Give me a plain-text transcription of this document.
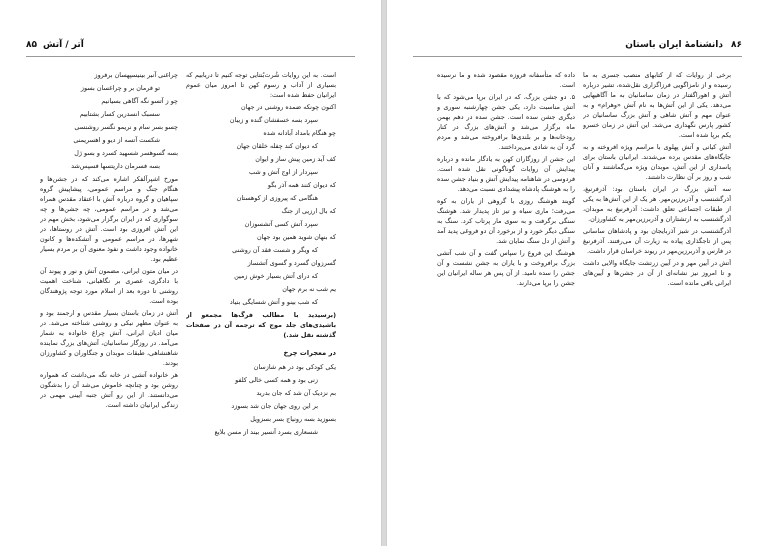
۸۵ آتر / آتش

است. به این روایات شُرت‌بُنتایی توجه کنیم تا دریابیم که بسیاری از آداب و رسوم کهن تا امروز میان عموم ایرانیان حفظ شده است:

اکنون چونکه ضمده روشنی در جهان

سپرد بسه خسفشان گنده و زیبان

چو هنگام بامداد آبادانه شده

که دیوان کند چفله خلقان جهان

کف آید زمین پیش ساز و ایوان

سپردار از اوج آتش و شب

که دیوان کنند همه آذر بگو

هنگامی که پیروزی از کوهستان

که بال ارزیی از جنگ

سپرد آتش کسی آتشسوزان

که بنهان شوید همین بود جهان

که ویگر و شست فقد آن روشنی

گسرزوان گسرد و گسوی آتشساز

که درای آتش بسیار خوش زمین

یم شب نه برم جهان

که شب بینو و آتش شسایگی بنیاد

(برسیدید با مطالب فرگ‌ها مجمعو از باشیدی‌های جلد موج که ترجمه آن در صفحات گذشته نقل شد.)

در معجرات چرخ

یکی کودکی بود در هم شازسان

زنی بود و همه کسی خالی کلفو

بم نزدیک آن شد که جان بدرید

بر این روی جهان جان شد بسوزد

بسوزید بسه رونیاج بسر بسزویل

شسعاری بسرد آنسیر بیند از مسن بلایع

چراغنی آنبر بینیسپهسان برفروز

تو فرمان بر و چراغسان بسوز

چو ز آتسو نگه آگاهی بسیانیم

سسبک انسدرین کسار بشتابیم

چسو بسر سام و نریمو نگسر روشنسی

شکست آتسه از دیو و اهسریمنی

بسه گسوهسر شسهید کسرد و بسو ژل

بسه فسرمان داریتسها فسپس‌شد

مورخ اشپرآلفکر اشاره می‌کند که در جشن‌ها و هنگام جنگ و مراسم عمومی، پیشاپیش گروه سپاهیان و گروه درباره آتش با اعتقاد مقدس همراه می‌شد و در مراسم عمومی، چه جشن‌ها و چه سوگواری که در ایران برگزار می‌شود، بخش مهم در این آتش افروزی بود است. آتش در روستاها، در شهرها، در مراسم عمومی و آتشکده‌ها و کانون خانواده وجود داشت و نفوذ معنوی آن بر مردم بسیار عظیم بود.

در میان متون ایرانی، مضمون آتش و نور و پیوند آن با دادگری، عصری بر نگاهبانی، شناخت اهمیت روشنی تا دوره بعد از اسلام مورد توجه پژوهندگان بوده است.

آتش در زمان باستان بسیار مقدس و ارجمند بود و به عنوان مظهر نیکی و روشنی شناخته می‌شد. در میان ادیان ایرانی، آتش چراغ خانواده به شمار می‌آمد. در روزگار ساسانیان، آتش‌های بزرگ نماینده شاهنشاهی، طبقات موبدان و جنگاوران و کشاورزان بودند.

هر خانواده آتشی در خانه نگه می‌داشت که همواره روشن بود و چنانچه خاموش می‌شد آن را بدشگون می‌دانستند. از این رو آتش جنبه آیینی مهمی در زندگی ایرانیان داشته است.

۸۶
دانشنامهٔ ایران باستان

برخی از روایات که از کتابهای منصب جسری به ما رسیده و از نامزاگویی فرزاگزاری نقل‌شده، تشیر درباره آتش و اهوراگفتار در زمان ساسانیان به ما آگاهیهایی می‌دهد. یکی از این آتش‌ها به نام آتش «وهرام» و به عنوان مهم و آتش شاهی و آتش بزرگ ساسانیان در کشور پارس نگهداری می‌شد. این آتش در زمان خسرو یکم برپا شده است.

آتش کیانی و آتش پهلوی با مراسم ویژه افروخته و به جایگاه‌های مقدس برده می‌شدند. ایرانیان باستان برای پاسداری از این آتش، موبدان ویژه می‌گماشتند و آنان شب و روز بر آن نظارت داشتند.

سه آتش بزرگ در ایران باستان بود: آذرفرنبغ، آذرگشنسب و آذربرزین‌مهر. هر یک از این آتش‌ها به یکی از طبقات اجتماعی تعلق داشت: آذرفرنبغ به موبدان، آذرگشنسب به ارتشتاران و آذربرزین‌مهر به کشاورزان.

آذرگشنسب در شیز آذربایجان بود و پادشاهان ساسانی پس از تاجگذاری پیاده به زیارت آن می‌رفتند. آذرفرنبغ در فارس و آذربرزین‌مهر در ریوند خراسان قرار داشت.

آتش در آیین مهر و در آیین زرتشت جایگاه والایی داشت و تا امروز نیز نشانه‌ای از آن در جشن‌ها و آیین‌های ایرانی باقی مانده است.

داده که متأسفانه فروزه مقصود شده و ما نرسیده است.

۵. دو جشن بزرگ، که در ایران برپا می‌شود که با آتش مناسبت دارد، یکی جشن چهارشنبه سوری و دیگری جشن سده است. جشن سده در دهم بهمن ماه برگزار می‌شد و آتش‌های بزرگ در کنار رودخانه‌ها و بر بلندی‌ها برافروخته می‌شد و مردم گرد آن به شادی می‌پرداختند.

این جشن از روزگاران کهن به یادگار مانده و درباره پیدایش آن روایات گوناگونی نقل شده است. فردوسی در شاهنامه پیدایش آتش و بنیاد جشن سده را به هوشنگ پادشاه پیشدادی نسبت می‌دهد.

گویند هوشنگ روزی با گروهی از یاران به کوه می‌رفت؛ ماری سیاه و تیز تاز پدیدار شد. هوشنگ سنگی برگرفت و به سوی مار پرتاب کرد. سنگ به سنگی دیگر خورد و از برخورد آن دو فروغی پدید آمد و آتش از دل سنگ نمایان شد.

هوشنگ این فروغ را سپاس گفت و آن شب آتشی بزرگ برافروخت و با یاران به جشن نشست و آن جشن را سده نامید. از آن پس هر ساله ایرانیان این جشن را برپا می‌دارند.
